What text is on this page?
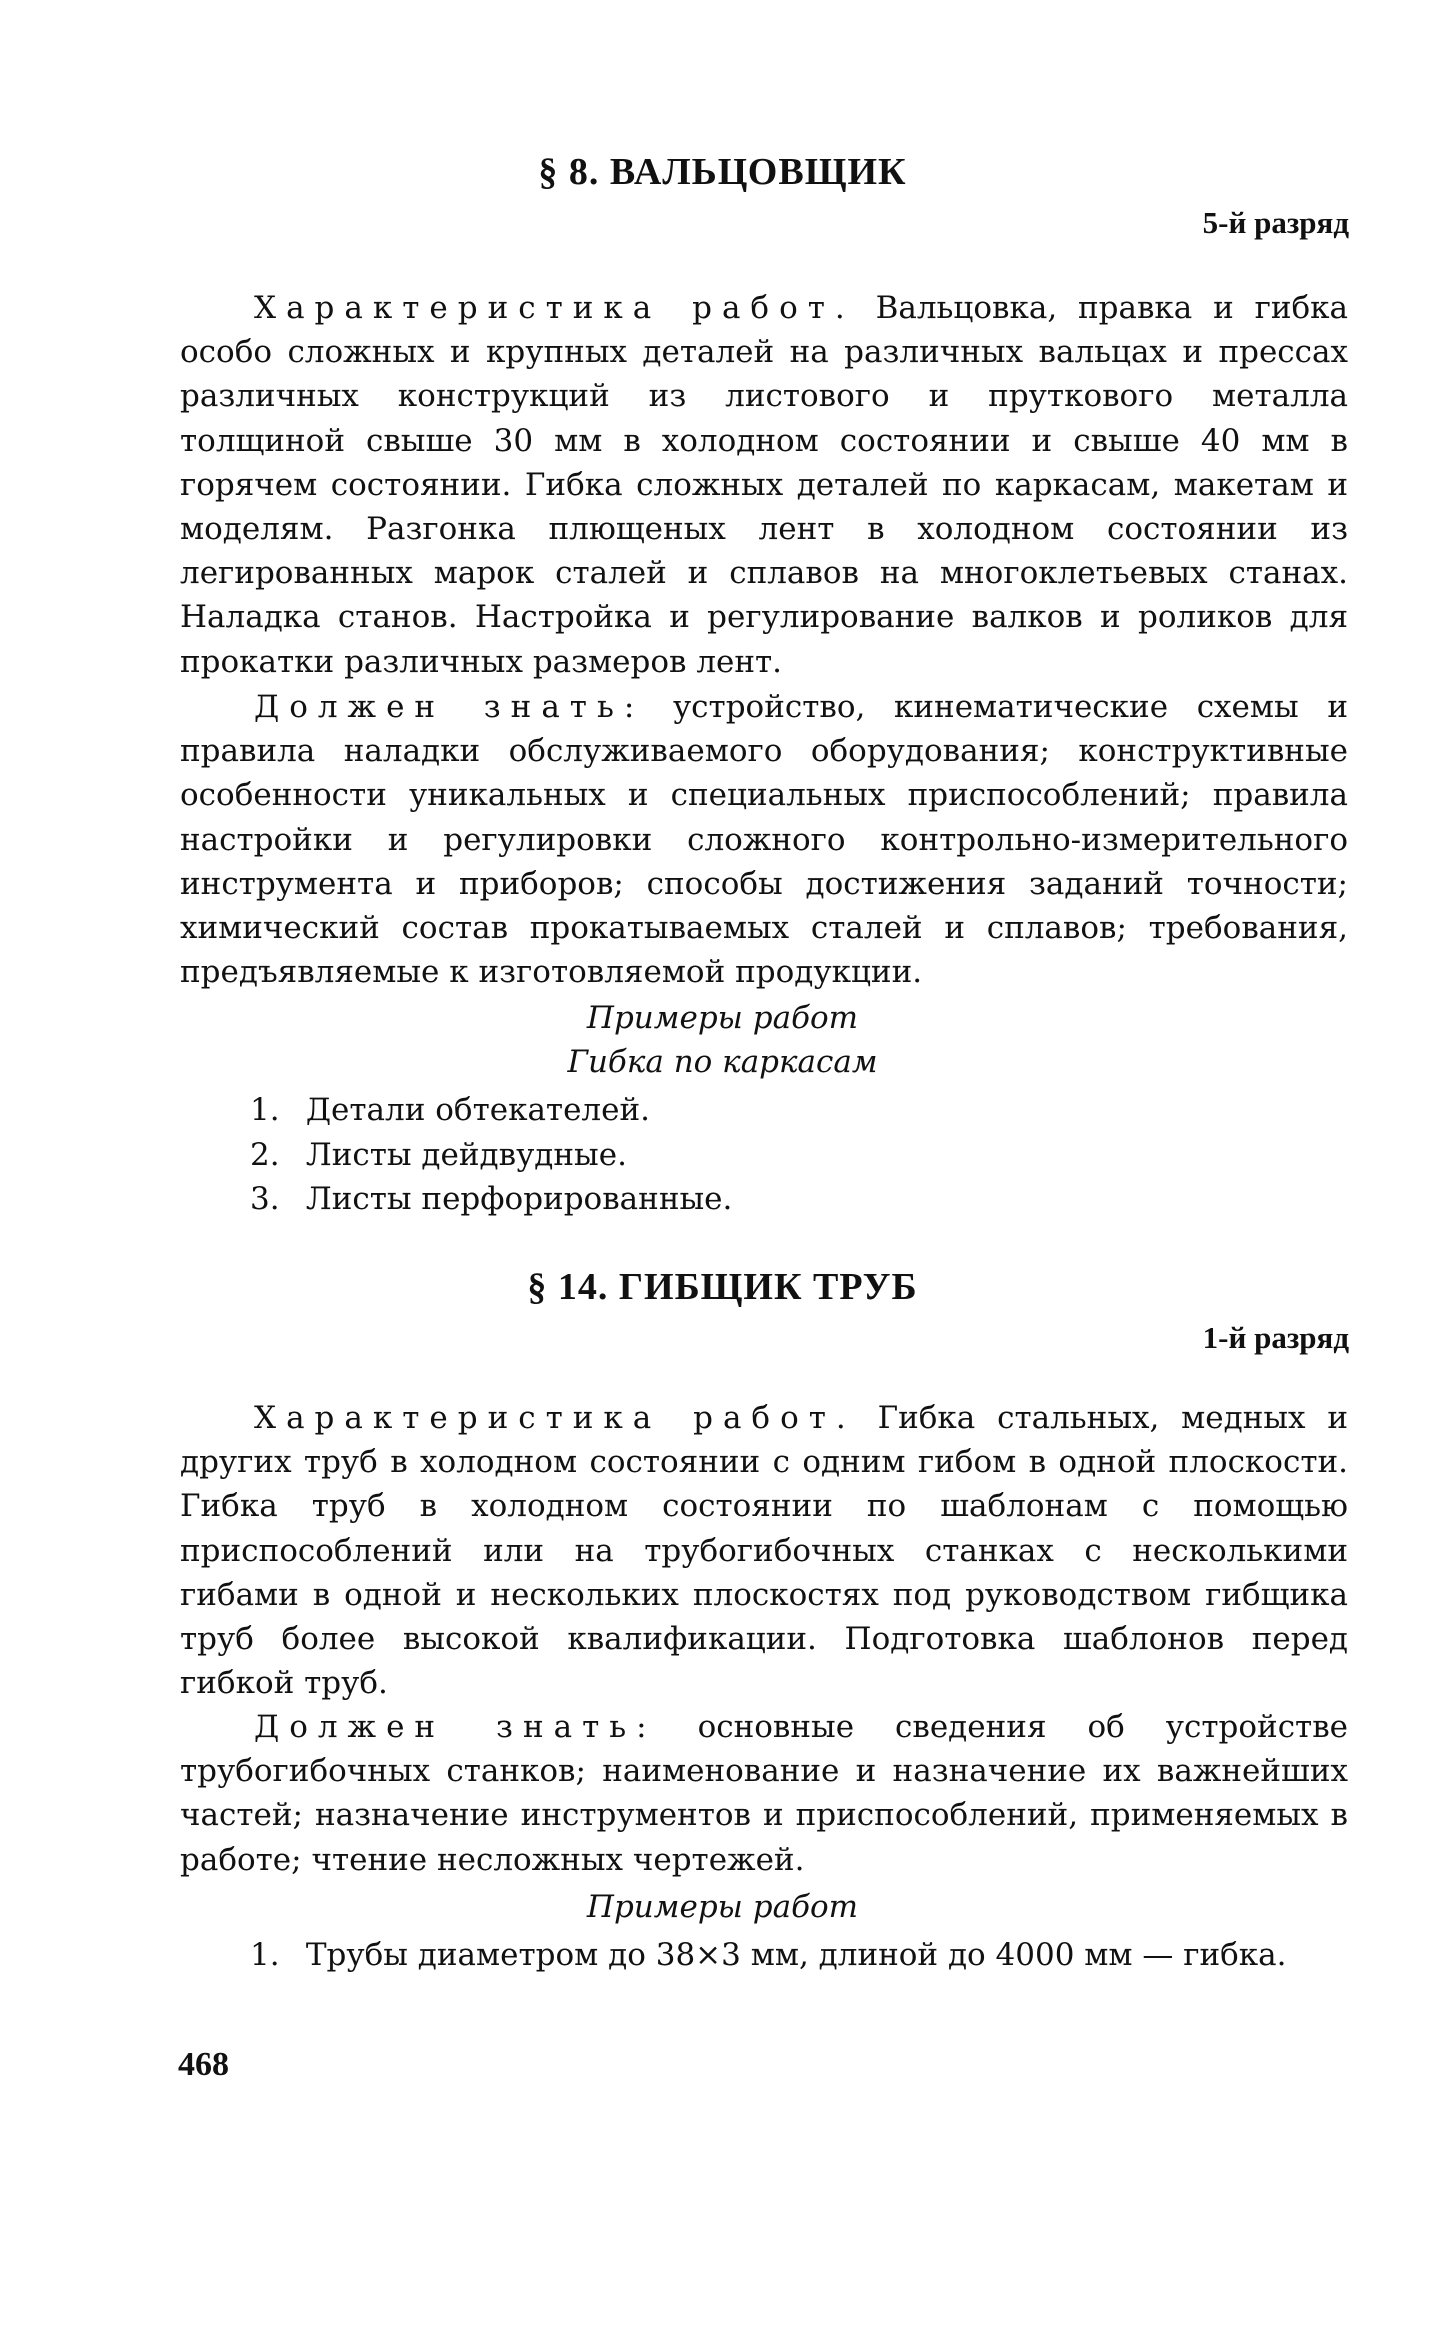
§ 8. ВАЛЬЦОВЩИК
5-й разряд

Характеристика работ. Вальцовка, правка и гибка особо сложных и крупных деталей на различных вальцах и прессах различных конструкций из листового и пруткового металла толщиной свыше 30 мм в холодном состоянии и свыше 40 мм в горячем состоянии. Гибка сложных деталей по каркасам, макетам и моделям. Разгонка плющеных лент в холодном состоянии из легированных марок сталей и сплавов на многоклетьевых станах. Наладка станов. Настройка и регулирование валков и роликов для прокатки различных размеров лент.

Должен знать: устройство, кинематические схемы и правила наладки обслуживаемого оборудования; конструктивные особенности уникальных и специальных приспособлений; правила настройки и регулировки сложного контрольно-измерительного инструмента и приборов; способы достижения заданий точности; химический состав прокатываемых сталей и сплавов; требования, предъявляемые к изготовляемой продукции.

Примеры работ
Гибка по каркасам
1. Детали обтекателей.
2. Листы дейдвудные.
3. Листы перфорированные.
§ 14. ГИБЩИК ТРУБ
1-й разряд

Характеристика работ. Гибка стальных, медных и других труб в холодном состоянии с одним гибом в одной плоскости. Гибка труб в холодном состоянии по шаблонам с помощью приспособлений или на трубогибочных станках с несколькими гибами в одной и нескольких плоскостях под руководством гибщика труб более высокой квалификации. Подготовка шаблонов перед гибкой труб.

Должен знать: основные сведения об устройстве трубогибочных станков; наименование и назначение их важнейших частей; назначение инструментов и приспособлений, применяемых в работе; чтение несложных чертежей.

Примеры работ
1. Трубы диаметром до 38×3 мм, длиной до 4000 мм — гибка.
468
